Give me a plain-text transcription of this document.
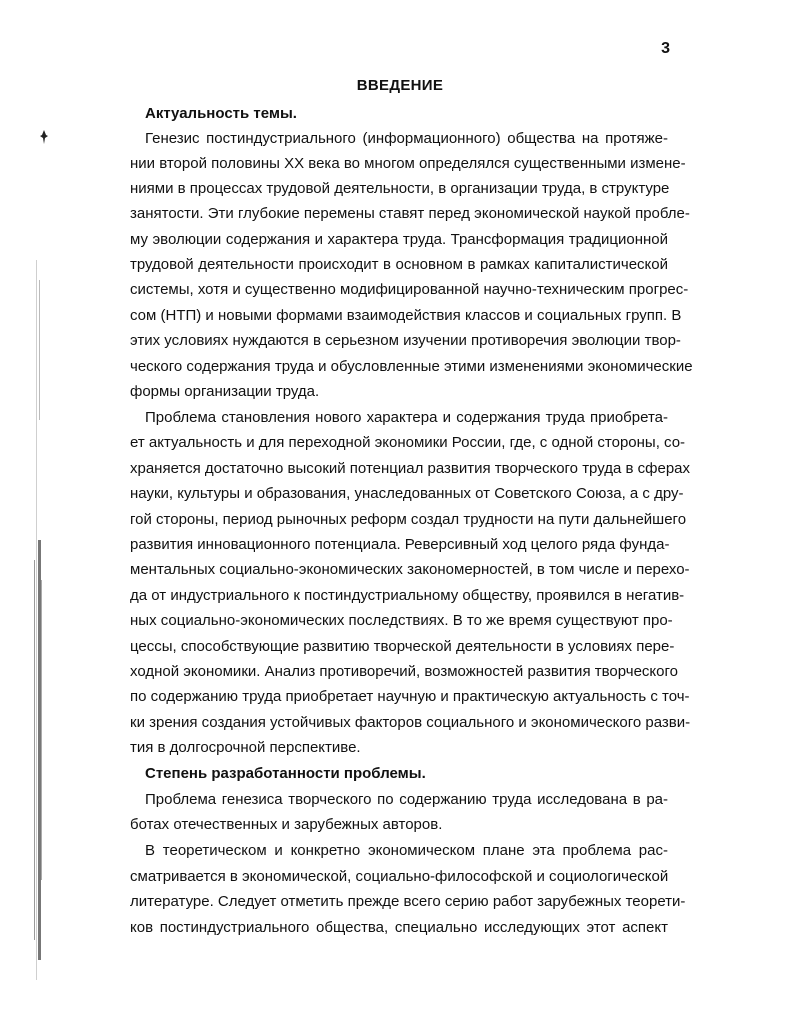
3
ВВЕДЕНИЕ
Актуальность темы.
Генезис постиндустриального (информационного) общества на протяже-
нии второй половины XX века во многом определялся существенными измене-
ниями в процессах трудовой деятельности, в организации труда, в структуре
занятости. Эти глубокие перемены ставят перед экономической наукой пробле-
му эволюции содержания и характера труда. Трансформация традиционной
трудовой деятельности происходит в основном в рамках капиталистической
системы, хотя и существенно модифицированной научно-техническим прогрес-
сом (НТП) и новыми формами взаимодействия классов и социальных групп. В
этих условиях нуждаются в серьезном изучении противоречия эволюции твор-
ческого содержания труда и обусловленные этими изменениями экономические
формы организации труда.
Проблема становления нового характера и содержания труда приобрета-
ет актуальность и для переходной экономики России, где, с одной стороны, со-
храняется достаточно высокий потенциал развития творческого труда в сферах
науки, культуры и образования, унаследованных от Советского Союза, а с дру-
гой стороны, период рыночных реформ создал трудности на пути дальнейшего
развития инновационного потенциала. Реверсивный ход целого ряда фунда-
ментальных социально-экономических закономерностей, в том числе и перехо-
да от индустриального к постиндустриальному обществу, проявился в негатив-
ных социально-экономических последствиях. В то же время существуют про-
цессы, способствующие развитию творческой деятельности в условиях пере-
ходной экономики. Анализ противоречий, возможностей развития творческого
по содержанию труда приобретает научную и практическую актуальность с точ-
ки зрения создания устойчивых факторов социального и экономического разви-
тия в долгосрочной перспективе.
Степень разработанности проблемы.
Проблема генезиса творческого по содержанию труда исследована в ра-
ботах отечественных и зарубежных авторов.
В теоретическом и конкретно экономическом плане эта проблема рас-
сматривается в экономической, социально-философской и социологической
литературе. Следует отметить прежде всего серию работ зарубежных теорети-
ков постиндустриального общества, специально исследующих этот аспект
